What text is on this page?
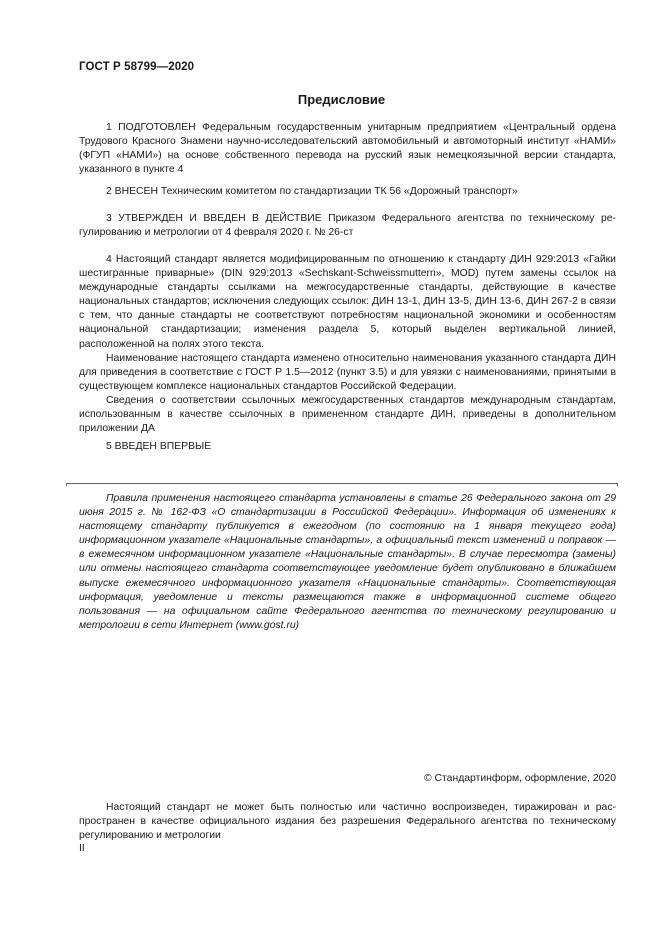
ГОСТ Р 58799—2020
Предисловие

1 ПОДГОТОВЛЕН Федеральным государственным унитарным предприятием «Центральный ордена Трудового Красного Знамени научно-исследовательский автомобильный и автомоторный институт «НАМИ» (ФГУП «НАМИ») на основе собственного перевода на русский язык немецкоязычной версии стандарта, указанного в пункте 4

2 ВНЕСЕН Техническим комитетом по стандартизации ТК 56 «Дорожный транспорт»

3 УТВЕРЖДЕН И ВВЕДЕН В ДЕЙСТВИЕ Приказом Федерального агентства по техническому регулированию и метрологии от 4 февраля 2020 г. № 26-ст

4 Настоящий стандарт является модифицированным по отношению к стандарту ДИН 929:2013 «Гайки шестигранные приварные» (DIN 929:2013 «Sechskant-Schweissmuttern», MOD) путем замены ссылок на международные стандарты ссылками на межгосударственные стандарты, действующие в качестве национальных стандартов; исключения следующих ссылок: ДИН 13-1, ДИН 13-5, ДИН 13-6, ДИН 267-2 в связи с тем, что данные стандарты не соответствуют потребностям национальной экономики и особенностям национальной стандартизации; изменения раздела 5, который выделен вертикальной линией, расположенной на полях этого текста.

Наименование настоящего стандарта изменено относительно наименования указанного стандарта ДИН для приведения в соответствие с ГОСТ Р 1.5—2012 (пункт 3.5) и для увязки с наименованиями, принятыми в существующем комплексе национальных стандартов Российской Федерации.

Сведения о соответствии ссылочных межгосударственных стандартов международным стандартам, использованным в качестве ссылочных в примененном стандарте ДИН, приведены в дополнительном приложении ДА

5 ВВЕДЕН ВПЕРВЫЕ

Правила применения настоящего стандарта установлены в статье 26 Федерального закона от 29 июня 2015 г. № 162-ФЗ «О стандартизации в Российской Федерации». Информация об изменениях к настоящему стандарту публикуется в ежегодном (по состоянию на 1 января текущего года) информационном указателе «Национальные стандарты», а официальный текст изменений и поправок — в ежемесячном информационном указателе «Национальные стандарты». В случае пересмотра (замены) или отмены настоящего стандарта соответствующее уведомление будет опубликовано в ближайшем выпуске ежемесячного информационного указателя «Национальные стандарты». Соответствующая информация, уведомление и тексты размещаются также в информационной системе общего пользования — на официальном сайте Федерального агентства по техническому регулированию и метрологии в сети Интернет (www.gost.ru)

© Стандартинформ, оформление, 2020

Настоящий стандарт не может быть полностью или частично воспроизведен, тиражирован и распространен в качестве официального издания без разрешения Федерального агентства по техническому регулированию и метрологии

II
